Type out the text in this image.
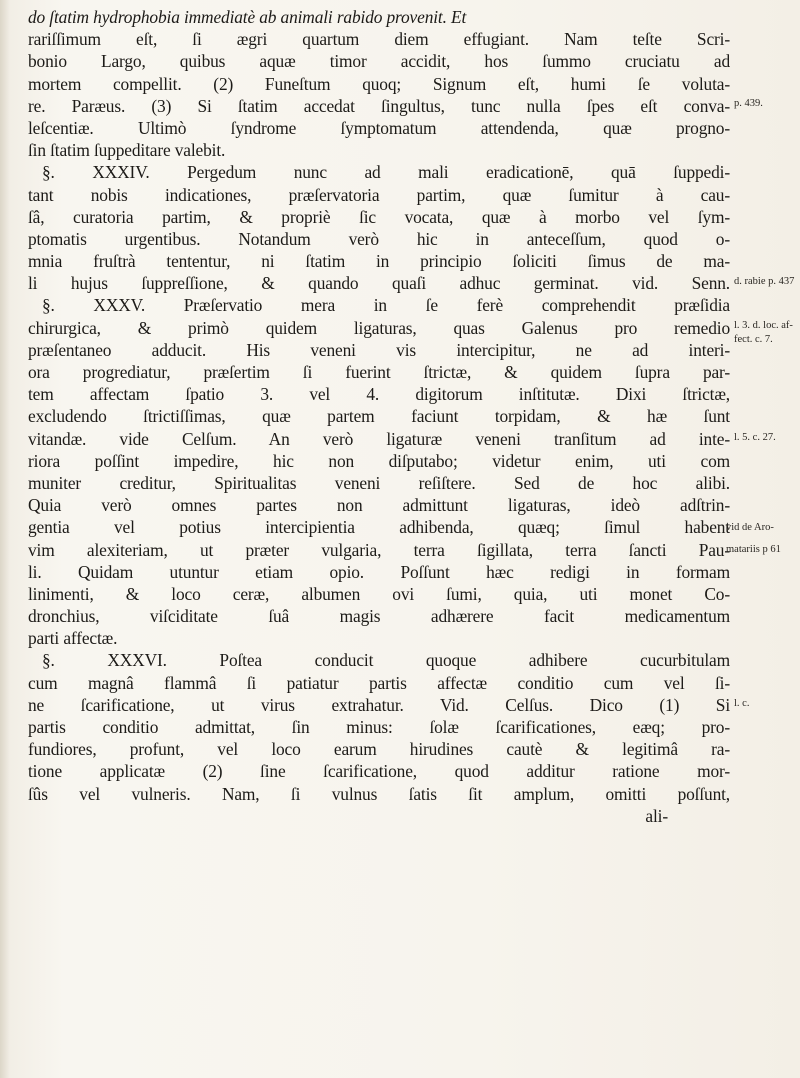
do ſtatim hydrophobia immediatè ab animali rabido provenit. Et
rariſſimum eſt, ſi ægri quartum diem effugiant. Nam teſte Scri-
bonio Largo, quibus aquæ timor accidit, hos ſummo cruciatu ad
mortem compellit. (2) Funeſtum quoq; Signum eſt, humi ſe voluta-
re. Paræus. (3) Si ſtatim accedat ſingultus, tunc nulla ſpes eſt conva-
leſcentiæ. Ultimò ſyndrome ſymptomatum attendenda, quæ progno-
ſin ſtatim ſuppeditare valebit.
§. XXXIV. Pergedum nunc ad mali eradicationē, quā ſuppedi-
tant nobis indicationes, præſervatoria partim, quæ ſumitur à cau-
ſâ, curatoria partim, & propriè ſic vocata, quæ à morbo vel ſym-
ptomatis urgentibus. Notandum verò hic in anteceſſum, quod o-
mnia fruſtrà tententur, ni ſtatim in principio ſoliciti ſimus de ma-
li hujus ſuppreſſione, & quando quaſi adhuc germinat. vid. Senn.
§. XXXV. Præſervatio mera in ſe ferè comprehendit præſidia
chirurgica, & primò quidem ligaturas, quas Galenus pro remedio
præſentaneo adducit. His veneni vis intercipitur, ne ad interi-
ora progrediatur, præſertim ſi fuerint ſtrictæ, & quidem ſupra par-
tem affectam ſpatio 3. vel 4. digitorum inſtitutæ. Dixi ſtrictæ,
excludendo ſtrictiſſimas, quæ partem faciunt torpidam, & hæ ſunt
vitandæ. vide Celſum. An verò ligaturæ veneni tranſitum ad inte-
riora poſſint impedire, hic non diſputabo; videtur enim, uti com
muniter creditur, Spiritualitas veneni reſiſtere. Sed de hoc alibi.
Quia verò omnes partes non admittunt ligaturas, ideò adſtrin-
gentia vel potius intercipientia adhibenda, quæq; ſimul habent
vim alexiteriam, ut præter vulgaria, terra ſigillata, terra ſancti Pau-
li. Quidam utuntur etiam opio. Poſſunt hæc redigi in formam
linimenti, & loco ceræ, albumen ovi ſumi, quia, uti monet Co-
dronchius, viſciditate ſuâ magis adhærere facit medicamentum
parti affectæ.
§. XXXVI. Poſtea conducit quoque adhibere cucurbitulam
cum magnâ flammâ ſi patiatur partis affectæ conditio cum vel ſi-
ne ſcarificatione, ut virus extrahatur. Vid. Celſus. Dico (1) Si
partis conditio admittat, ſin minus: ſolæ ſcarificationes, eæq; pro-
fundiores, profunt, vel loco earum hirudines cautè & legitimâ ra-
tione applicatæ (2) ſine ſcarificatione, quod additur ratione mor-
ſûs vel vulneris. Nam, ſi vulnus ſatis ſit amplum, omitti poſſunt,
ali-
p. 439.
d. rabie p. 437
l. 3. d. loc. af-
fect. c. 7.
l. 5. c. 27.
vid de Aro-
matariis p 61
l. c.
